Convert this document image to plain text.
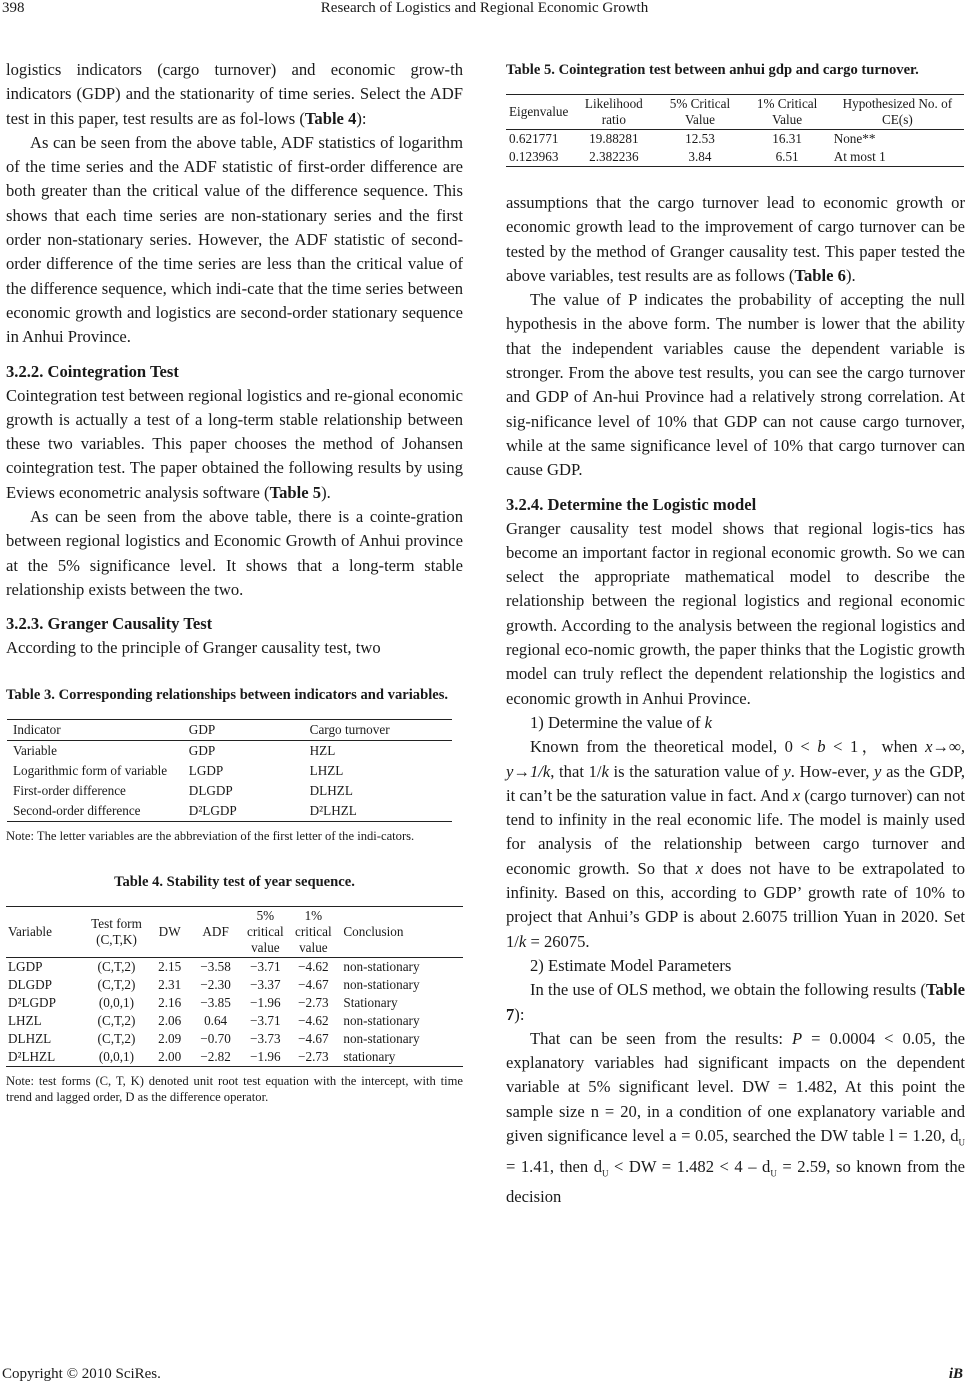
398	Research of Logistics and Regional Economic Growth

logistics indicators (cargo turnover) and economic grow-th indicators (GDP) and the stationarity of time series. Select the ADF test in this paper, test results are as fol-lows (Table 4):

As can be seen from the above table, ADF statistics of logarithm of the time series and the ADF statistic of first-order difference are both greater than the critical value of the difference sequence. This shows that each time series are non-stationary series and the first order non-stationary series. However, the ADF statistic of second-order difference of the time series are less than the critical value of the difference sequence, which indi-cate that the time series between economic growth and logistics are second-order stationary sequence in Anhui Province.

3.2.2. Cointegration Test

Cointegration test between regional logistics and re-gional economic growth is actually a test of a long-term stable relationship between these two variables. This paper chooses the method of Johansen cointegration test. The paper obtained the following results by using Eviews econometric analysis software (Table 5).

As can be seen from the above table, there is a cointe-gration between regional logistics and Economic Growth of Anhui province at the 5% significance level. It shows that a long-term stable relationship exists between the two.

3.2.3. Granger Causality Test

According to the principle of Granger causality test, two

Table 3. Corresponding relationships between indicators and variables.
Indicator	GDP	Cargo turnover
Variable	GDP	HZL
Logarithmic form of variable	LGDP	LHZL
First-order difference	DLGDP	DLHZL
Second-order difference	D²LGDP	D²LHZL

Note: The letter variables are the abbreviation of the first letter of the indi-cators.

Table 4. Stability test of year sequence.
Variable	Test form (C,T,K)	DW	ADF	5% critical value	1% critical value	Conclusion
LGDP	(C,T,2)	2.15	−3.58	−3.71	−4.62	non-stationary
DLGDP	(C,T,2)	2.31	−2.30	−3.37	−4.67	non-stationary
D²LGDP	(0,0,1)	2.16	−3.85	−1.96	−2.73	Stationary
LHZL	(C,T,2)	2.06	0.64	−3.71	−4.62	non-stationary
DLHZL	(C,T,2)	2.09	−0.70	−3.73	−4.67	non-stationary
D²LHZL	(0,0,1)	2.00	−2.82	−1.96	−2.73	stationary

Note: test forms (C, T, K) denoted unit root test equation with the intercept, with time trend and lagged order, D as the difference operator.

Table 5. Cointegration test between anhui gdp and cargo turnover.
Eigenvalue	Likelihood ratio	5% Critical Value	1% Critical Value	Hypothesized No. of CE(s)
0.621771	19.88281	12.53	16.31	None**
0.123963	2.382236	3.84	6.51	At most 1

assumptions that the cargo turnover lead to economic growth or economic growth lead to the improvement of cargo turnover can be tested by the method of Granger causality test. This paper tested the above variables, test results are as follows (Table 6).

The value of P indicates the probability of accepting the null hypothesis in the above form. The number is lower that the ability that the independent variables cause the dependent variable is stronger. From the above test results, you can see the cargo turnover and GDP of An-hui Province had a relatively strong correlation. At sig-nificance level of 10% that GDP can not cause cargo turnover, while at the same significance level of 10% that cargo turnover can cause GDP.

3.2.4. Determine the Logistic model

Granger causality test model shows that regional logis-tics has become an important factor in regional economic growth. So we can select the appropriate mathematical model to describe the relationship between the regional logistics and regional economic growth. According to the analysis between the regional logistics and regional eco-nomic growth, the paper thinks that the Logistic growth model can truly reflect the dependent relationship the logistics and economic growth in Anhui Province.

1) Determine the value of k

Known from the theoretical model, 0 < b < 1，when x→∞, y→1/k, that 1/k is the saturation value of y. How-ever, y as the GDP, it can’t be the saturation value in fact. And x (cargo turnover) can not tend to infinity in the real economic life. The model is mainly used for analysis of the relationship between cargo turnover and economic growth. So that x does not have to be extrapolated to infinity. Based on this, according to GDP’ growth rate of 10% to project that Anhui’s GDP is about 2.6075 trillion Yuan in 2020. Set 1/k = 26075.

2) Estimate Model Parameters

In the use of OLS method, we obtain the following results (Table 7):

That can be seen from the results: P = 0.0004 < 0.05, the explanatory variables had significant impacts on the dependent variable at 5% significant level. DW = 1.482, At this point the sample size n = 20, in a condition of one explanatory variable and given significance level a = 0.05, searched the DW table l = 1.20, $d_U = 1.41$, then $d_U$ < DW = $1.482 < 4 - d_U = 2.59$, so known from the decision

Copyright © 2010 SciRes.	iB
